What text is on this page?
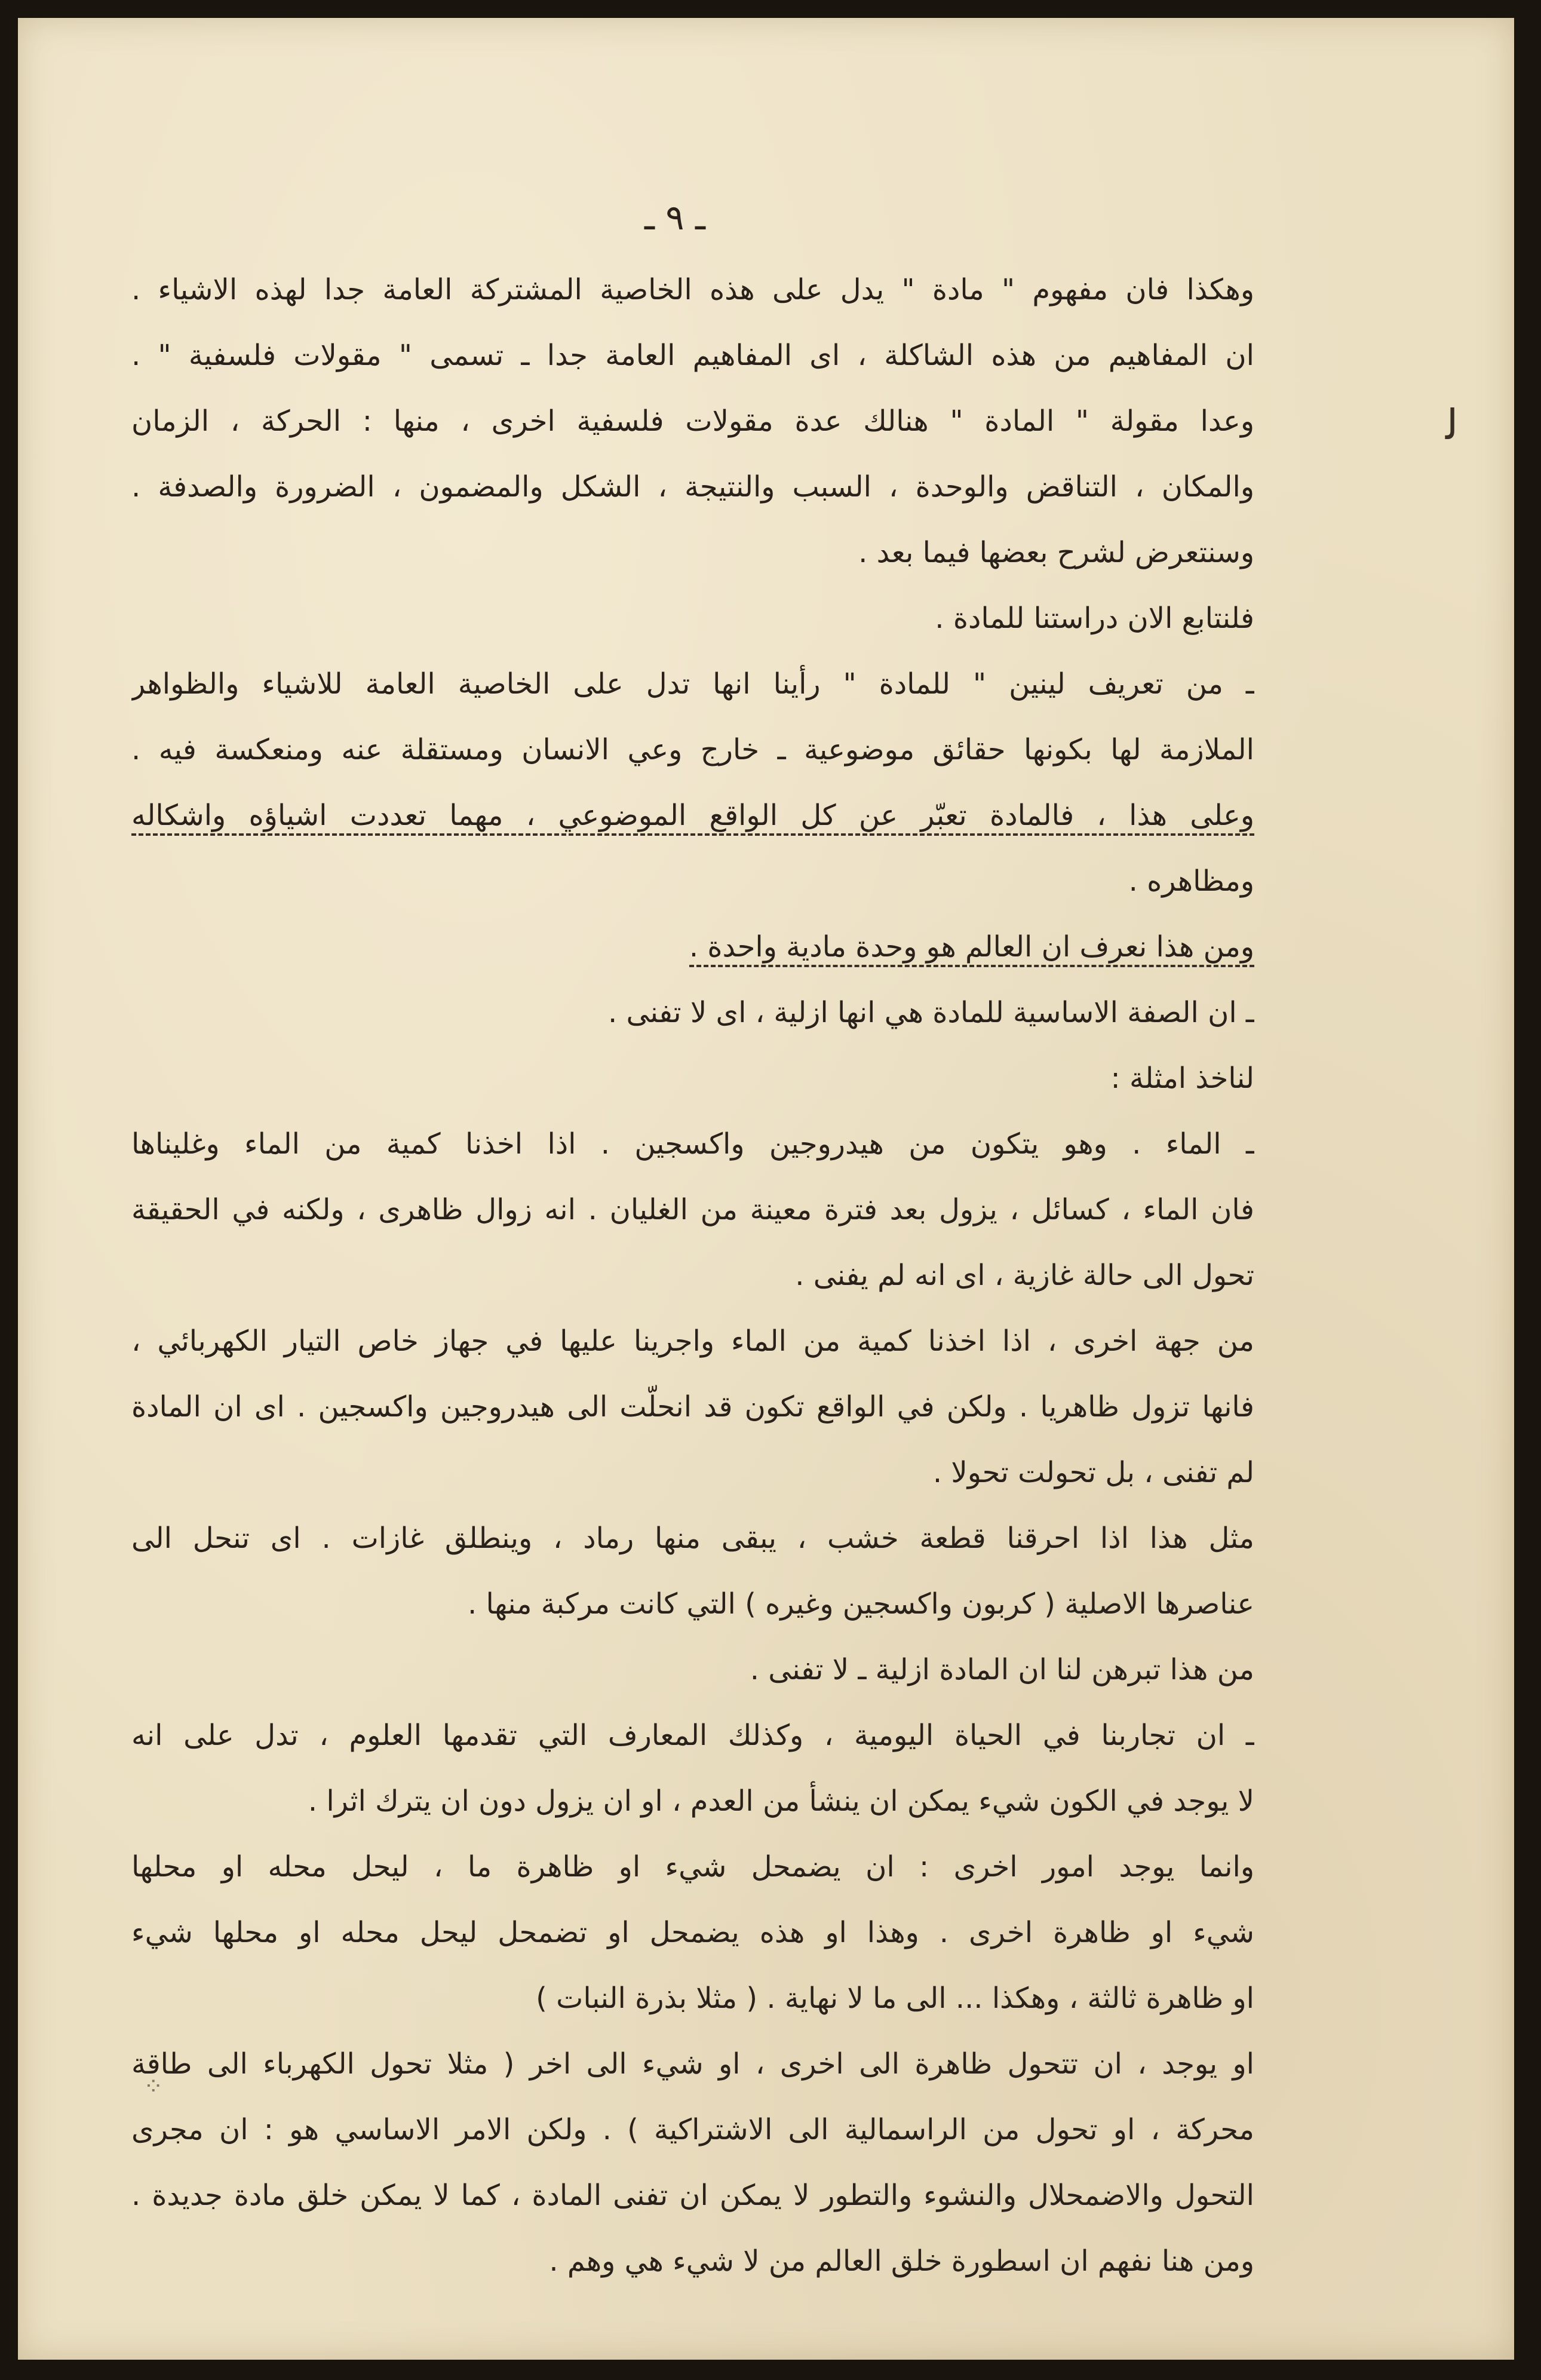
ـ ٩ ـ
ﻟ
⁘
وهكذا فان مفهوم " مادة " يدل على هذه الخاصية المشتركة العامة جدا لهذه الاشياء .
ان المفاهيم من هذه الشاكلة ، اى المفاهيم العامة جدا ـ تسمى " مقولات فلسفية " .
وعدا مقولة " المادة " هنالك عدة مقولات فلسفية اخرى ، منها : الحركة ، الزمان
والمكان ، التناقض والوحدة ، السبب والنتيجة ، الشكل والمضمون ، الضرورة والصدفة .
وسنتعرض لشرح بعضها فيما بعد .
فلنتابع الان دراستنا للمادة .
ـ من تعريف لينين " للمادة " رأينا انها تدل على الخاصية العامة للاشياء والظواهر
الملازمة لها بكونها حقائق موضوعية ـ خارج وعي الانسان ومستقلة عنه ومنعكسة فيه .
وعلى هذا ، فالمادة تعبّر عن كل الواقع الموضوعي ، مهما تعددت اشياؤه واشكاله
ومظاهره .
ومن هذا نعرف ان العالم هو وحدة مادية واحدة .
ـ ان الصفة الاساسية للمادة هي انها ازلية ، اى لا تفنى .
لناخذ امثلة :
ـ الماء . وهو يتكون من هيدروجين واكسجين . اذا اخذنا كمية من الماء وغليناها
فان الماء ، كسائل ، يزول بعد فترة معينة من الغليان . انه زوال ظاهرى ، ولكنه في الحقيقة
تحول الى حالة غازية ، اى انه لم يفنى .
من جهة اخرى ، اذا اخذنا كمية من الماء واجرينا عليها في جهاز خاص التيار الكهربائي ،
فانها تزول ظاهريا . ولكن في الواقع تكون قد انحلّت الى هيدروجين واكسجين . اى ان المادة
لم تفنى ، بل تحولت تحولا .
مثل هذا اذا احرقنا قطعة خشب ، يبقى منها رماد ، وينطلق غازات . اى تنحل الى
عناصرها الاصلية ( كربون واكسجين وغيره ) التي كانت مركبة منها .
من هذا تبرهن لنا ان المادة ازلية ـ لا تفنى .
ـ ان تجاربنا في الحياة اليومية ، وكذلك المعارف التي تقدمها العلوم ، تدل على انه
لا يوجد في الكون شيء يمكن ان ينشأ من العدم ، او ان يزول دون ان يترك اثرا .
وانما يوجد امور اخرى : ان يضمحل شيء او ظاهرة ما ، ليحل محله او محلها
شيء او ظاهرة اخرى . وهذا او هذه يضمحل او تضمحل ليحل محله او محلها شيء
او ظاهرة ثالثة ، وهكذا ... الى ما لا نهاية . ( مثلا بذرة النبات )
او يوجد ، ان تتحول ظاهرة الى اخرى ، او شيء الى اخر ( مثلا تحول الكهرباء الى طاقة
محركة ، او تحول من الراسمالية الى الاشتراكية ) . ولكن الامر الاساسي هو : ان مجرى
التحول والاضمحلال والنشوء والتطور لا يمكن ان تفنى المادة ، كما لا يمكن خلق مادة جديدة .
ومن هنا نفهم ان اسطورة خلق العالم من لا شيء هي وهم .
